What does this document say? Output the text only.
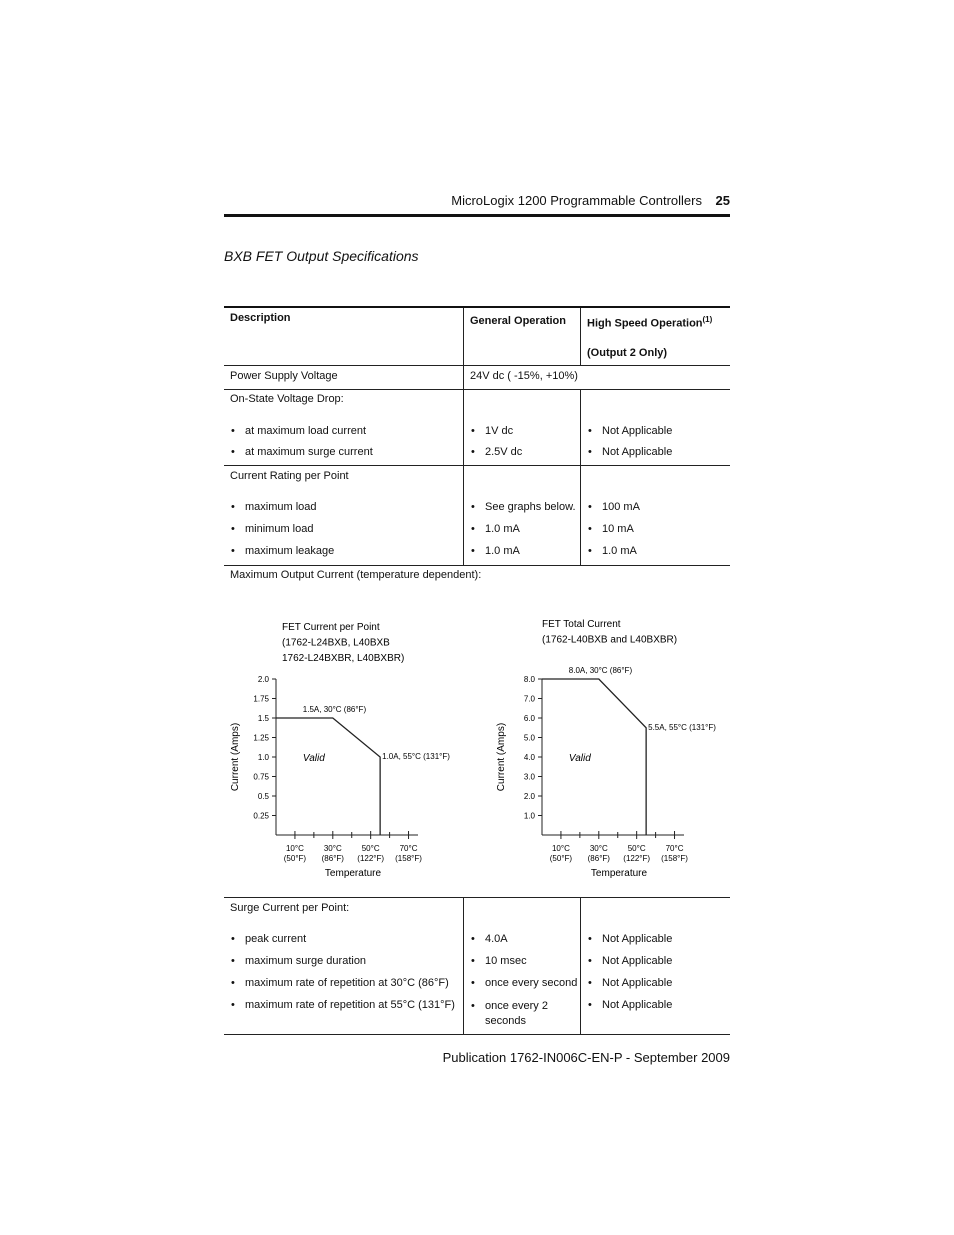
MicroLogix 1200 Programmable Controllers 25
BXB FET Output Specifications
Description	General Operation High Speed Operation$^{(1)}$
(Output 2 Only)
Power Supply Voltage	24V dc ( -15%, +10%)
On-State Voltage Drop:
• at maximum load current
• at maximum surge current
• 1V dc
• 2.5V dc
• Not Applicable
• Not Applicable
Current Rating per Point
• maximum load
• minimum load
• maximum leakage
• See graphs below.
• 1.0 mA
• 1.0 mA
• 100 mA
• 10 mA
• 1.0 mA
Maximum Output Current (temperature dependent):
Surge Current per Point:
• peak current
• maximum surge duration
• maximum rate of repetition at 30°C (86°F)
• maximum rate of repetition at 55°C (131°F)
• 4.0A
• 10 msec
• once every second
• once every 2 seconds
• Not Applicable
• Not Applicable
• Not Applicable
• Not Applicable
FET Current per Point
(1762-L24BXB, L40BXB
1762-L24BXBR, L40BXBR)
0.25
0.5
0.75
1.0
1.25
1.5
1.75
2.0
10°C
(50°F)
30°C
(86°F)
50°C
(122°F)
70°C
(158°F)
Temperature
Current (Amps)
1.5A, 30°C (86°F)
1.0A, 55°C (131°F)
Valid
FET Total Current
(1762-L40BXB and L40BXBR)
1.0
2.0
3.0
4.0
5.0
6.0
7.0
8.0
10°C
(50°F)
30°C
(86°F)
50°C
(122°F)
70°C
(158°F)
Temperature
Current (Amps)
8.0A, 30°C (86°F)
5.5A, 55°C (131°F)
Valid
Publication 1762-IN006C-EN-P - September 2009
